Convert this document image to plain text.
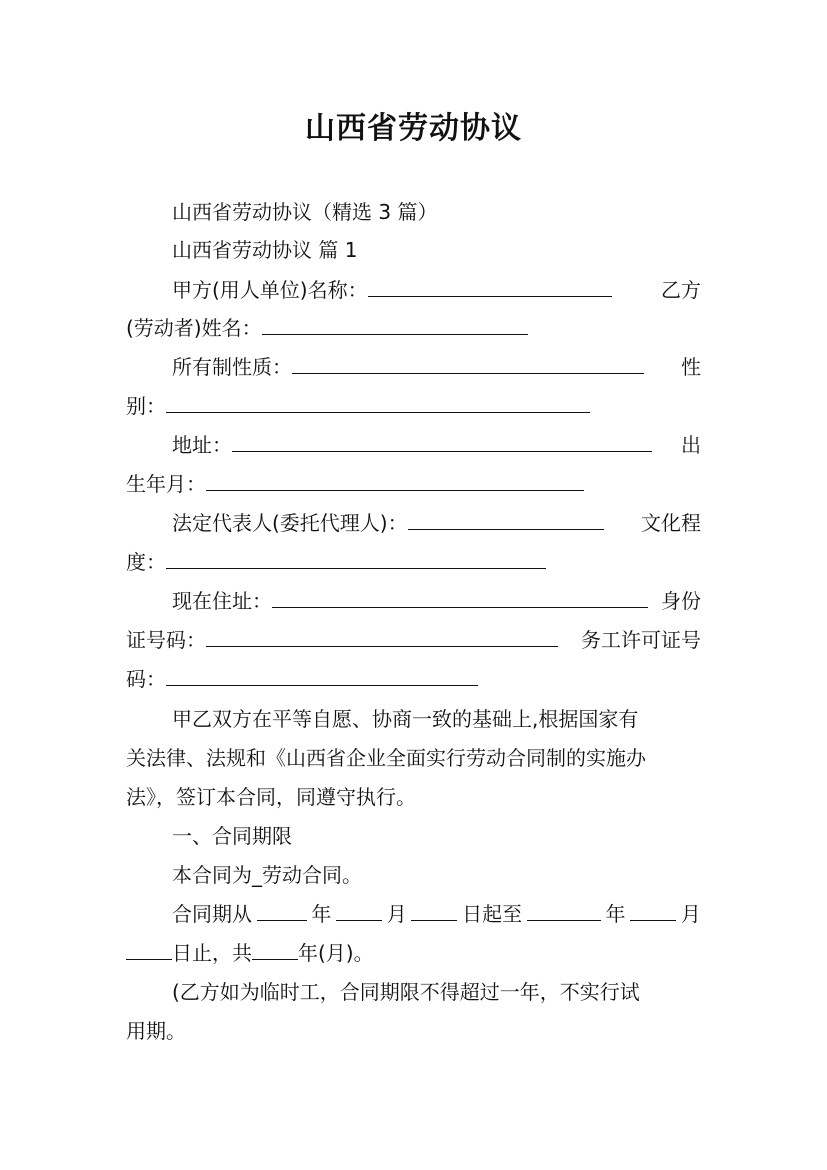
山西省劳动协议
山西省劳动协议（精选 3 篇）
山西省劳动协议 篇 1
甲方(用人单位)名称：	乙方
(劳动者)姓名：
所有制性质：	性
别：
地址：	出
生年月：
法定代表人(委托代理人)：	文化程
度：
现在住址：	身份
证号码：	务工许可证号
码：
甲乙双方在平等自愿、协商一致的基础上,根据国家有
关法律、法规和《山西省企业全面实行劳动合同制的实施办
法》，签订本合同，同遵守执行。
一、合同期限
本合同为_劳动合同。
合同期从	年	月	日起至	年	月
日止，共 年(月)。
(乙方如为临时工，合同期限不得超过一年，不实行试
用期。
